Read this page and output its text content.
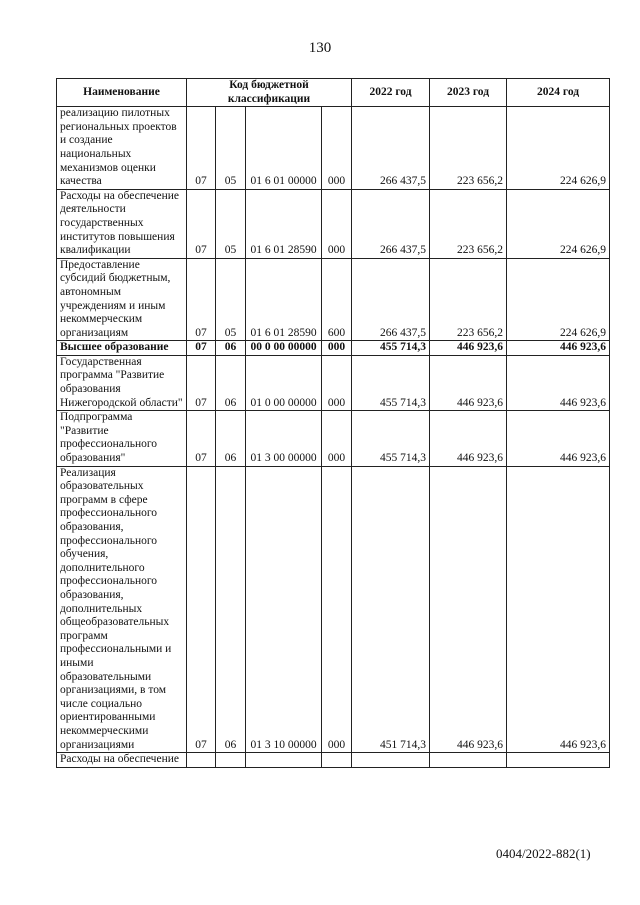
130
Наименование	Код бюджетной классификации				2022 год	2023 год	2024 год
реализацию пилотных региональных проектов и создание национальных механизмов оценки качества	07	05	01 6 01 00000	000	266 437,5	223 656,2	224 626,9
Расходы на обеспечение деятельности государственных институтов повышения квалификации	07	05	01 6 01 28590	000	266 437,5	223 656,2	224 626,9
Предоставление субсидий бюджетным, автономным учреждениям и иным некоммерческим организациям	07	05	01 6 01 28590	600	266 437,5	223 656,2	224 626,9
Высшее образование	07	06	00 0 00 00000	000	455 714,3	446 923,6	446 923,6
Государственная программа "Развитие образования Нижегородской области"	07	06	01 0 00 00000	000	455 714,3	446 923,6	446 923,6
Подпрограмма "Развитие профессионального образования"	07	06	01 3 00 00000	000	455 714,3	446 923,6	446 923,6
Реализация образовательных программ в сфере профессионального образования, профессионального обучения, дополнительного профессионального образования, дополнительных общеобразовательных программ профессиональными и иными образовательными организациями, в том числе социально ориентированными некоммерческими организациями	07	06	01 3 10 00000	000	451 714,3	446 923,6	446 923,6
Расходы на обеспечение							
0404/2022-882(1)
